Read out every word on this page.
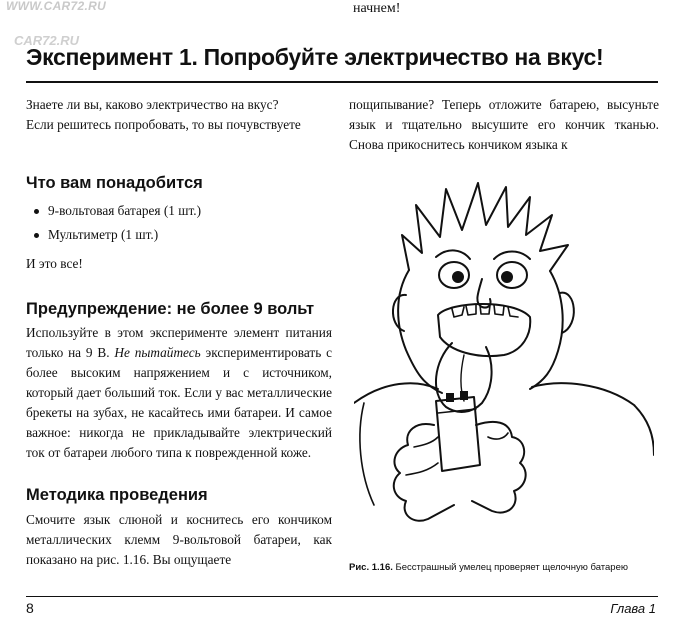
WWW.CAR72.RU
CAR72.RU
начнем!
Эксперимент 1. Попробуйте электричество на вкус!

Знаете ли вы, каково электричество на вкус?
Если решитесь попробовать, то вы почувствуете

Что вам понадобится
9-вольтовая батарея (1 шт.)
Мультиметр (1 шт.)

И это все!

Предупреждение: не более 9 вольт

Используйте в этом эксперименте элемент питания только на 9 В. Не пытайтесь экспериментировать с более высоким напряжением и с источником, который дает больший ток. Если у вас металлические брекеты на зубах, не касайтесь ими батареи. И самое важное: никогда не прикладывайте электрический ток от батареи любого типа к поврежденной коже.

Методика проведения

Смочите язык слюной и коснитесь его кончиком металлических клемм 9-вольтовой батареи, как показано на рис. 1.16. Вы ощущаете

пощипывание? Теперь отложите батарею, высуньте язык и тщательно высушите его кончик тканью. Снова прикоснитесь кончиком языка к

Рис. 1.16. Бесстрашный умелец проверяет щелочную батарею
8	Глава 1
